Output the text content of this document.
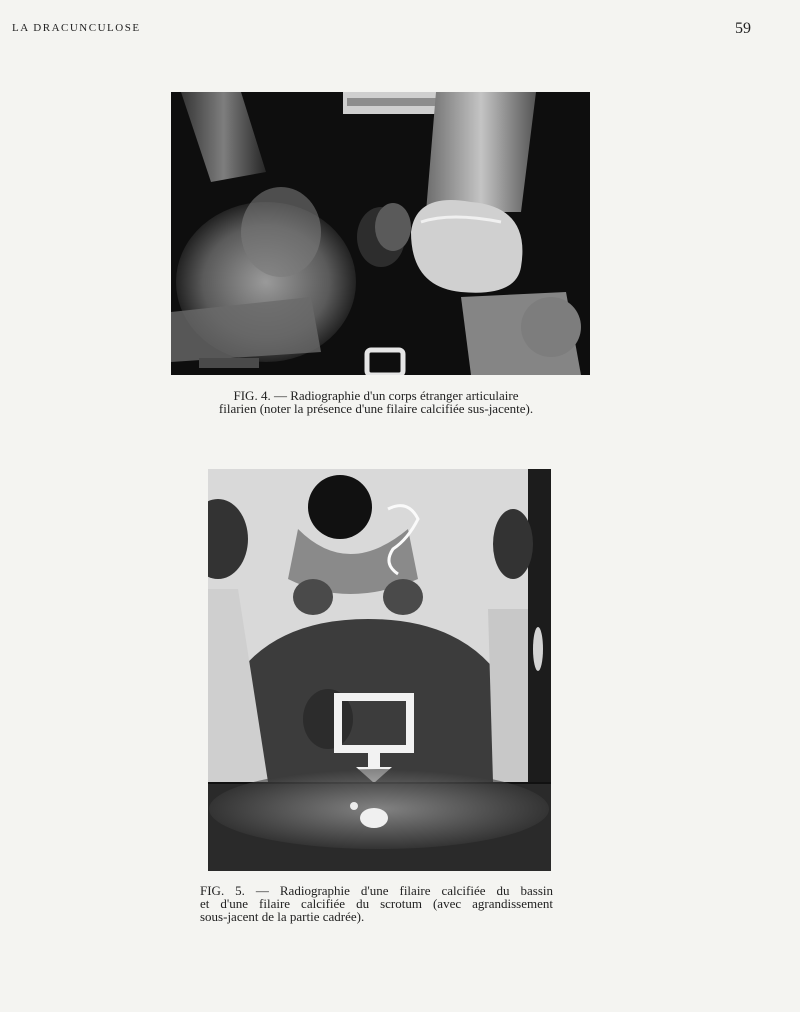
LA DRACUNCULOSE	59
FIG. 4. — Radiographie d'un corps étranger articulaire
filarien (noter la présence d'une filaire calcifiée sus-jacente).
FIG. 5. — Radiographie d'une filaire calcifiée du bassin
et d'une filaire calcifiée du scrotum (avec agrandissement
sous-jacent de la partie cadrée).
